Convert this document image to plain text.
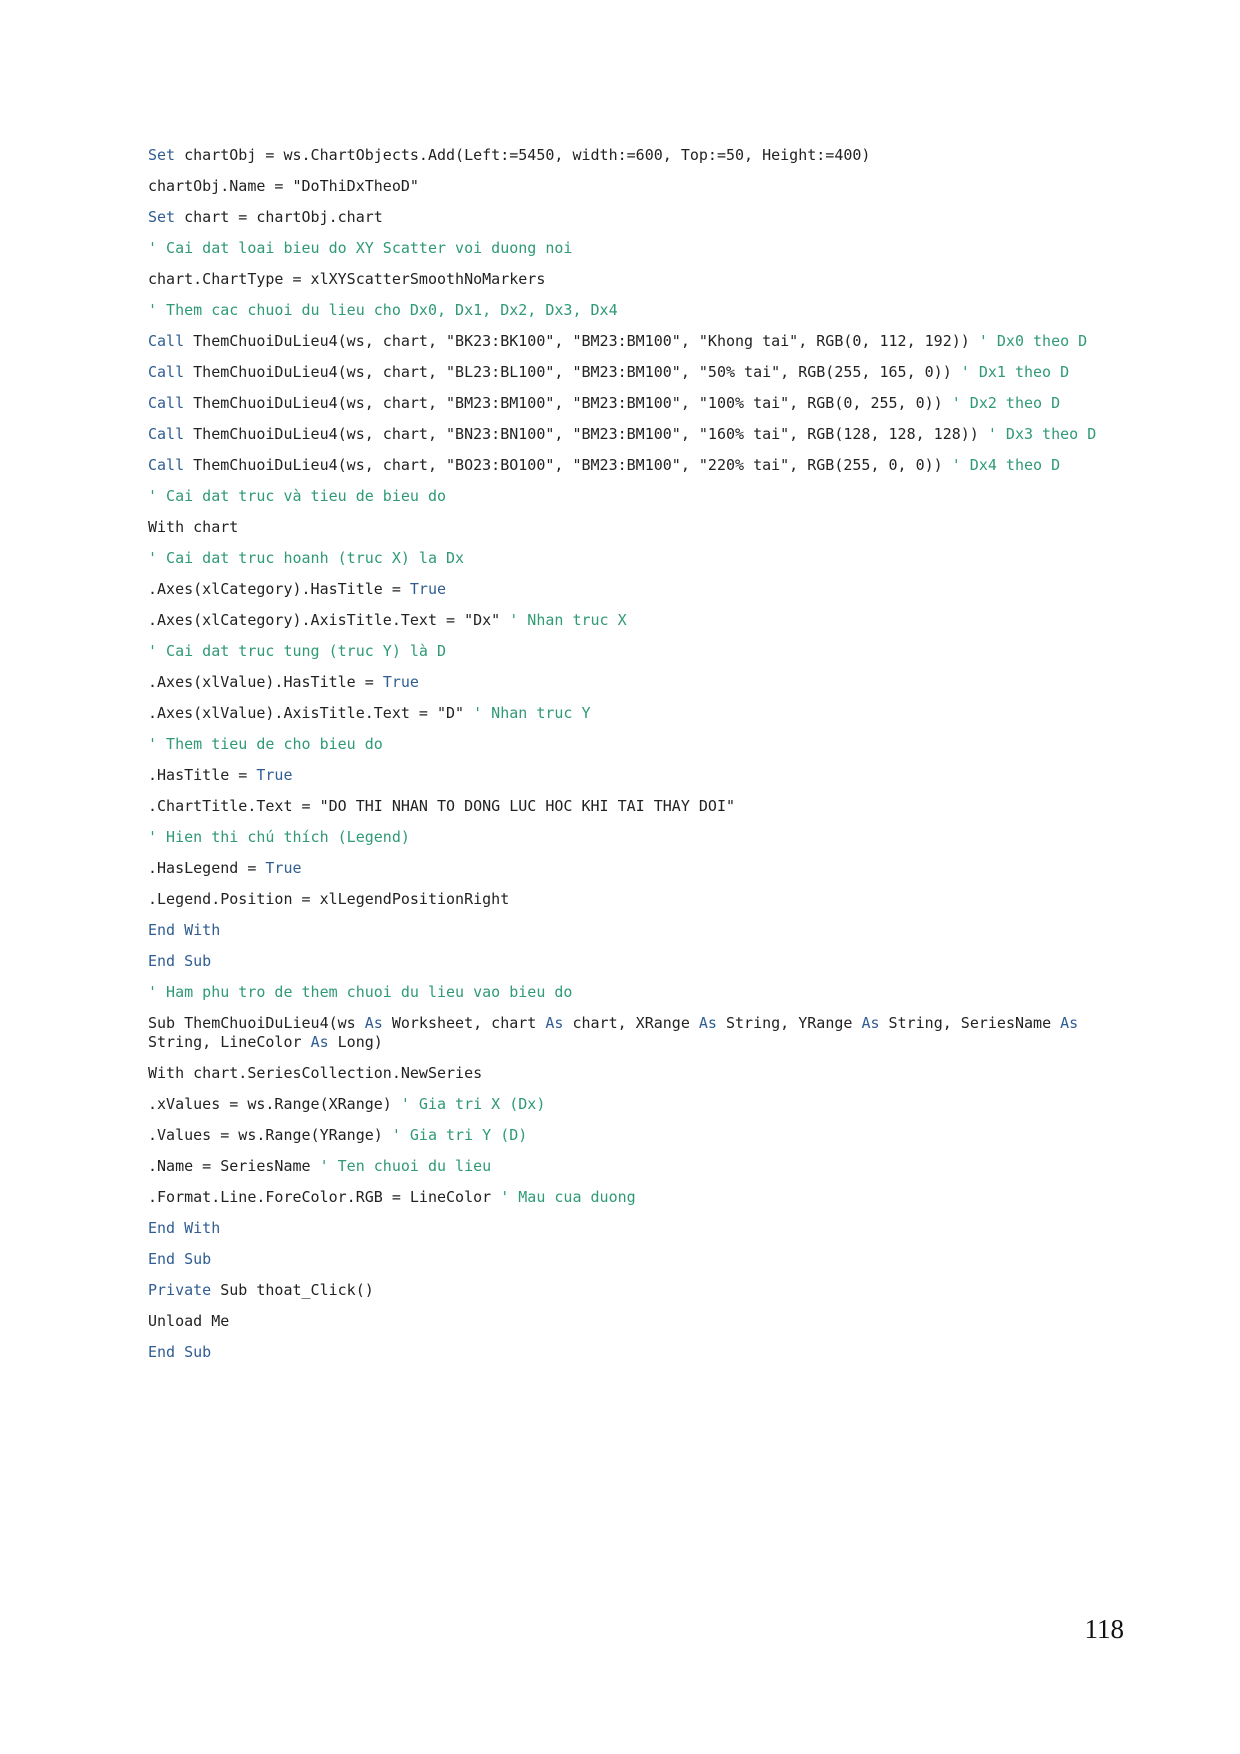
Set chartObj = ws.ChartObjects.Add(Left:=5450, width:=600, Top:=50, Height:=400)
chartObj.Name = "DoThiDxTheoD"
Set chart = chartObj.chart
' Cai dat loai bieu do XY Scatter voi duong noi
chart.ChartType = xlXYScatterSmoothNoMarkers
' Them cac chuoi du lieu cho Dx0, Dx1, Dx2, Dx3, Dx4
Call ThemChuoiDuLieu4(ws, chart, "BK23:BK100", "BM23:BM100", "Khong tai", RGB(0, 112, 192)) ' Dx0 theo D
Call ThemChuoiDuLieu4(ws, chart, "BL23:BL100", "BM23:BM100", "50% tai", RGB(255, 165, 0)) ' Dx1 theo D
Call ThemChuoiDuLieu4(ws, chart, "BM23:BM100", "BM23:BM100", "100% tai", RGB(0, 255, 0)) ' Dx2 theo D
Call ThemChuoiDuLieu4(ws, chart, "BN23:BN100", "BM23:BM100", "160% tai", RGB(128, 128, 128)) ' Dx3 theo D
Call ThemChuoiDuLieu4(ws, chart, "BO23:BO100", "BM23:BM100", "220% tai", RGB(255, 0, 0)) ' Dx4 theo D
' Cai dat truc và tieu de bieu do
With chart
' Cai dat truc hoanh (truc X) la Dx
.Axes(xlCategory).HasTitle = True
.Axes(xlCategory).AxisTitle.Text = "Dx" ' Nhan truc X
' Cai dat truc tung (truc Y) là D
.Axes(xlValue).HasTitle = True
.Axes(xlValue).AxisTitle.Text = "D" ' Nhan truc Y
' Them tieu de cho bieu do
.HasTitle = True
.ChartTitle.Text = "DO THI NHAN TO DONG LUC HOC KHI TAI THAY DOI"
' Hien thi chú thích (Legend)
.HasLegend = True
.Legend.Position = xlLegendPositionRight
End With
End Sub
' Ham phu tro de them chuoi du lieu vao bieu do
Sub ThemChuoiDuLieu4(ws As Worksheet, chart As chart, XRange As String, YRange As String, SeriesName As String, LineColor As Long)
With chart.SeriesCollection.NewSeries
.xValues = ws.Range(XRange) ' Gia tri X (Dx)
.Values = ws.Range(YRange) ' Gia tri Y (D)
.Name = SeriesName ' Ten chuoi du lieu
.Format.Line.ForeColor.RGB = LineColor ' Mau cua duong
End With
End Sub
Private Sub thoat_Click()
Unload Me
End Sub
118
